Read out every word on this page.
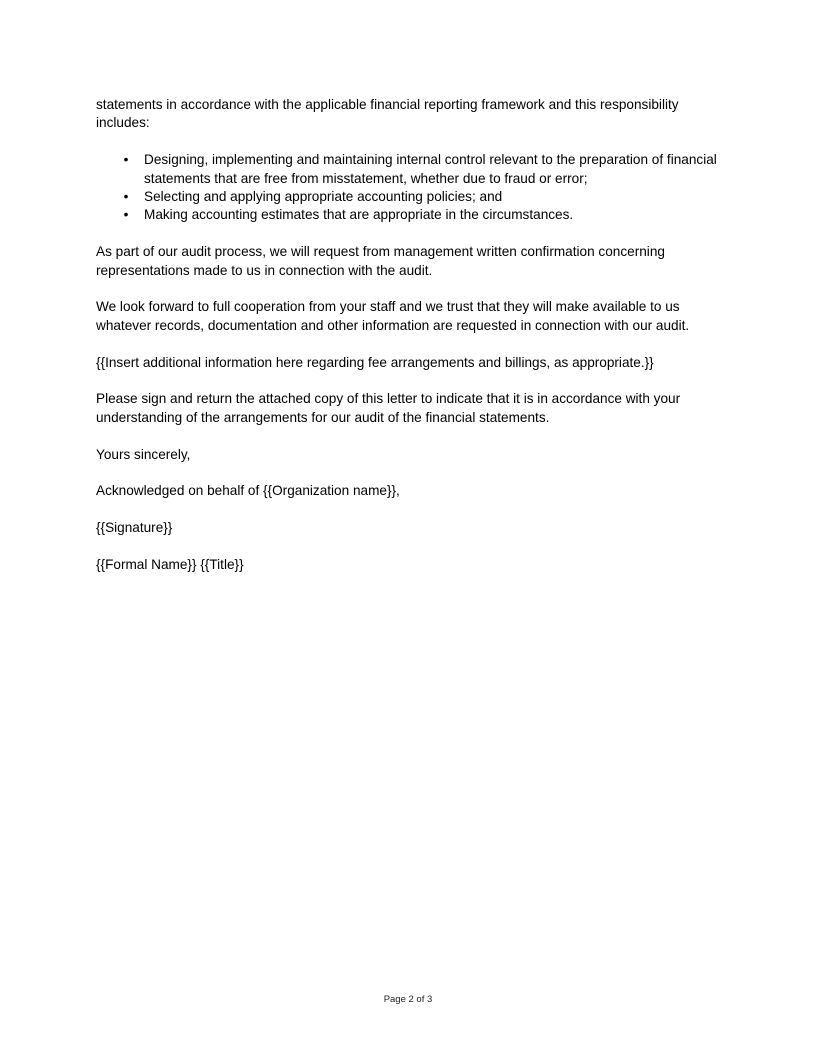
statements in accordance with the applicable financial reporting framework and this responsibility includes:

• Designing, implementing and maintaining internal control relevant to the preparation of financial statements that are free from misstatement, whether due to fraud or error;
• Selecting and applying appropriate accounting policies; and
• Making accounting estimates that are appropriate in the circumstances.

As part of our audit process, we will request from management written confirmation concerning representations made to us in connection with the audit.

We look forward to full cooperation from your staff and we trust that they will make available to us whatever records, documentation and other information are requested in connection with our audit.

{{Insert additional information here regarding fee arrangements and billings, as appropriate.}}

Please sign and return the attached copy of this letter to indicate that it is in accordance with your understanding of the arrangements for our audit of the financial statements.

Yours sincerely,

Acknowledged on behalf of {{Organization name}},

{{Signature}}

{{Formal Name}} {{Title}}

Page 2 of 3
